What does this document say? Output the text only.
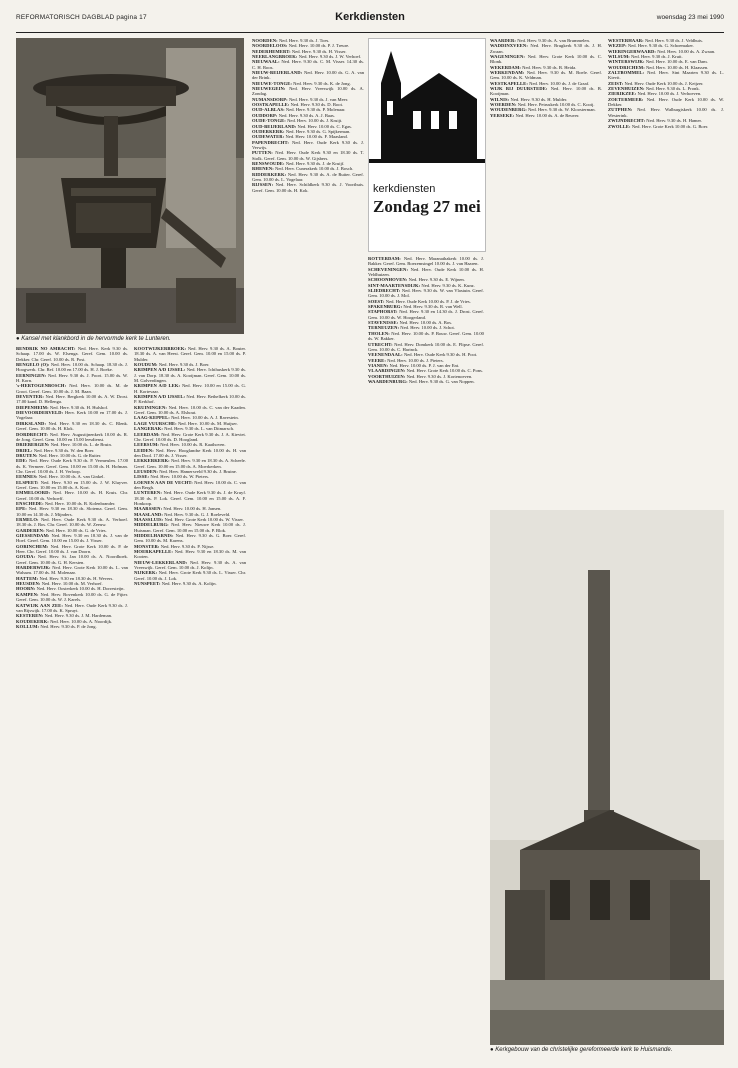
REFORMATORISCH DAGBLAD pagina 17	Kerkdiensten	woensdag 23 mei 1990
● Kansel met klankbord in de hervormde kerk te Lunteren.
kerkdiensten
Zondag 27 mei

BENDRIK NO AMBACHT: Ned. Herv. Kerk 9.30 ds. Schaap. 17.00 ds. W. Elsenga. Geref. Gem. 10.00 ds. Dekker. Chr. Geref. 10.00 ds. R. Post.

BENGELO (O): Ned. Herv. 10.00 ds. Schaap. 18.30 ds. J. Hoogwerk. Chr. Ref. 10.00 en 17.00 ds. H. J. Boeke.

EERNINGEN: Ned. Herv. 9.30 ds. J. Poort. 15.00 ds. W. H. Korn.

's-HERTOGENBOSCH: Ned. Herv. 10.00 ds. M. de Groot. Geref. Gem. 10.00 ds. J. M. Baan.

DEVENTER: Ned. Herv. Bergkerk 10.00 ds. A. W. Drost. 17.00 kand. D. Hellenga.

DIEPENHEIM: Ned. Herv. 9.30 ds. H. Hulshof.

DIEVOORDERVELD: Herv. Kerk 10.00 en 17.00 ds. J. Vogelaar.

DIRKSLAND: Ned. Herv. 9.30 en 18.30 ds. C. Blenk. Geref. Gem. 10.00 ds. H. Klok.

DORDRECHT: Ned. Herv. Augustijnenkerk 10.00 ds. R. de Jong. Geref. Gem. 10.00 en 15.00 leesdienst.

DRIEBERGEN: Ned. Herv. 10.00 ds. L. de Bruin.

DRIEL: Ned. Herv. 9.30 ds. W. den Boer.

DRUTEN: Ned. Herv. 10.00 ds. G. de Ruiter.

EDE: Ned. Herv. Oude Kerk 9.30 ds. P. Vermeulen. 17.00 ds. K. Vermeer. Geref. Gem. 10.00 en 15.00 ds. H. Hofman. Chr. Geref. 10.00 ds. J. H. Verloop.

EEMNES: Ned. Herv. 10.00 ds. A. van Ginkel.

ELSPEET: Ned. Herv. 9.30 en 15.00 ds. J. W. Kluyver. Geref. Gem. 10.00 en 15.00 ds. A. Kort.

EMMELOORD: Ned. Herv. 10.00 ds. H. Kruis. Chr. Geref. 10.00 ds. Verhoeff.

ENSCHEDE: Ned. Herv. 10.00 ds. B. Kolenbrander.

EPE: Ned. Herv. 9.30 en 18.30 ds. Slotema. Geref. Gem. 10.00 en 14.30 ds. J. Mijnders.

ERMELO: Ned. Herv. Oude Kerk 9.30 ds. A. Verhoef. 18.30 ds. J. Bos. Chr. Geref. 10.00 ds. W. Zeeuw.

GARDEREN: Ned. Herv. 10.00 ds. G. de Vries.

GIESSENDAM: Ned. Herv. 9.30 en 18.30 ds. J. van de Hoef. Geref. Gem. 10.00 en 15.00 ds. J. Visser.

GORINCHEM: Ned. Herv. Grote Kerk 10.00 ds. P. de Heer. Chr. Geref. 10.00 ds. J. van Doorn.

GOUDA: Ned. Herv. St. Jan 10.00 ds. A. Noordhoek. Geref. Gem. 10.00 ds. G. H. Kersten.

HARDERWIJK: Ned. Herv. Grote Kerk 10.00 ds. L. van Walsum. 17.00 ds. M. Molenaar.

HATTEM: Ned. Herv. 9.30 en 18.30 ds. H. Wevers.

HEUSDEN: Ned. Herv. 10.00 ds. M. Verhoef.

HOORN: Ned. Herv. Oosterkerk 10.00 ds. H. Dorresteijn.

KAMPEN: Ned. Herv. Bovenkerk 10.00 ds. G. de Fijter. Geref. Gem. 10.00 ds. W. J. Karels.

KATWIJK AAN ZEE: Ned. Herv. Oude Kerk 9.30 ds. J. van Rijswijk. 17.00 ds. K. Spruyt.

KESTEREN: Ned. Herv. 9.30 ds. J. M. Hardeman.

KOUDEKERK: Ned. Herv. 10.00 ds. A. Noordijk.

KOLLUM: Ned. Herv. 9.30 ds. P. de Jong.

KOOTWIJKERBROEK: Ned. Herv. 9.30 ds. A. Bouter. 18.30 ds. A. van Heest. Geref. Gem. 10.00 en 15.00 ds. P. Mulder.

KOUDUM: Ned. Herv. 9.30 ds. J. Boer.

KRIMPEN A/D IJSSEL: Ned. Herv. Ichthuskerk 9.30 ds. J. van Dorp. 18.30 ds. A. Kooijman. Geref. Gem. 10.00 ds. M. Golverdingen.

KRIMPEN A/D LEK: Ned. Herv. 10.00 en 15.00 ds. G. H. Kortevaar.

KRIMPEN A/D IJSSEL: Ned. Herv. Bethelkerk 10.00 ds. P. Kerkhof.

KRUININGEN: Ned. Herv. 10.00 ds. C. van der Kaaden. Geref. Gem. 10.00 ds. A. Elshout.

LAAG-KEPPEL: Ned. Herv. 10.00 ds. A. J. Ravestein.

LAGE VUURSCHE: Ned. Herv. 10.00 ds. M. Huijser.

LANGERAK: Ned. Herv. 9.30 ds. L. van Ditmarsch.

LEERDAM: Ned. Herv. Grote Kerk 9.30 ds. J. A. Kieviet. Chr. Geref. 10.00 ds. D. Hoogland.

LEERSUM: Ned. Herv. 10.00 ds. R. Kaathoven.

LEIDEN: Ned. Herv. Hooglandse Kerk 10.00 ds. H. van den Dool. 17.00 ds. J. Visser.

LEKKERKERK: Ned. Herv. 9.30 en 18.30 ds. A. Scheele. Geref. Gem. 10.00 en 15.00 ds. A. Moerkerken.

LEUSDEN: Ned. Herv. Hamersveld 9.30 ds. J. Bruine.

LISSE: Ned. Herv. 10.00 ds. W. Pieters.

LOENEN AAN DE VECHT: Ned. Herv. 10.00 ds. C. van den Bergh.

LUNTEREN: Ned. Herv. Oude Kerk 9.30 ds. J. de Kruyf. 18.30 ds. P. Lok. Geref. Gem. 10.00 en 15.00 ds. A. F. Honkoop.

MAARSSEN: Ned. Herv. 10.00 ds. H. Jansen.

MAASLAND: Ned. Herv. 9.30 ds. G. J. Roeleveld.

MAASSLUIS: Ned. Herv. Grote Kerk 10.00 ds. W. Visser.

MIDDELBURG: Ned. Herv. Nieuwe Kerk 10.00 ds. J. Huisman. Geref. Gem. 10.00 en 15.00 ds. P. Blok.

MIDDELHARNIS: Ned. Herv. 9.30 ds. G. Boer. Geref. Gem. 10.00 ds. M. Karens.

MONSTER: Ned. Herv. 9.30 ds. P. Nijsse.

MOERKAPELLE: Ned. Herv. 9.30 en 18.30 ds. M. van Kooten.

NIEUW-LEKKERLAND: Ned. Herv. 9.30 ds. A. van Vreeswijk. Geref. Gem. 10.00 ds. J. Kolijn.

NIJKERK: Ned. Herv. Grote Kerk 9.30 ds. L. Visser. Chr. Geref. 10.00 ds. J. Lok.

NUNSPEET: Ned. Herv. 9.30 ds. A. Kolijn.

NOORDEN: Ned. Herv. 9.30 ds. J. Toes.

NOORDELOOS: Ned. Herv. 10.00 ds. P. J. Treure.

NEDERHEMERT: Ned. Herv. 9.30 ds. H. Visser.

NEERLANGBROEK: Ned. Herv. 9.30 ds. J. W. Verhoef.

NIEUWAAL: Ned. Herv. 9.30 ds. C. M. Visser. 14.30 ds. C. H. Roos.

NIEUW-BEIJERLAND: Ned. Herv. 10.00 ds. G. A. van der Brink.

NIEUWE-TONGE: Ned. Herv. 9.30 ds. K. de Jong.

NIEUWEGEIN: Ned. Herv. Vreeswijk 10.00 ds. A. Zondag.

NUMANSDORP: Ned. Herv. 9.30 ds. J. van Meer.

OOSTKAPELLE: Ned. Herv. 9.30 ds. D. Boot.

OUD-ALBLAS: Ned. Herv. 9.30 ds. P. Molenaar.

OUDDORP: Ned. Herv. 9.30 ds. A. J. Baas.

OUDE-TONGE: Ned. Herv. 10.00 ds. J. Kruijt.

OUD-BEIJERLAND: Ned. Herv. 10.00 ds. C. Egas.

OUDERKERK: Ned. Herv. 9.30 ds. G. Spijkerman.

OUDEWATER: Ned. Herv. 10.00 ds. F. Maasland.

PAPENDRECHT: Ned. Herv. Oude Kerk 9.30 ds. J. Verwijs.

PUTTEN: Ned. Herv. Oude Kerk 9.30 en 18.30 ds. T. Stolk. Geref. Gem. 10.00 ds. W. Gijsbers.

RENSWOUDE: Ned. Herv. 9.30 ds. J. de Kruijf.

RHENEN: Ned. Herv. Cunerakerk 10.00 ds. J. Bosch.

RIDDERKERK: Ned. Herv. 9.30 ds. A. de Ruiter. Geref. Gem. 10.00 ds. L. Vogelaar.

RIJSSEN: Ned. Herv. Schildkerk 9.30 ds. J. Voorthuis. Geref. Gem. 10.00 ds. H. Kok.

ROTTERDAM: Ned. Herv. Maranathakerk 10.00 ds. J. Bakker. Geref. Gem. Boezemsingel 10.00 ds. J. van Haaren.

SCHEVENINGEN: Ned. Herv. Oude Kerk 10.00 ds. H. Veldhuizen.

SCHOONHOVEN: Ned. Herv. 9.30 ds. E. Wijnen.

SINT-MAARTENSDIJK: Ned. Herv. 9.30 ds. K. Kunz.

SLIEDRECHT: Ned. Herv. 9.30 ds. W. van Vlastuin. Geref. Gem. 10.00 ds. J. Mol.

SOEST: Ned. Herv. Oude Kerk 10.00 ds. P. J. de Vries.

SPAKENBURG: Ned. Herv. 9.30 ds. R. van Well.

STAPHORST: Ned. Herv. 9.30 en 14.30 ds. J. Drost. Geref. Gem. 10.00 ds. W. Hoogerland.

STAVENISSE: Ned. Herv. 10.00 ds. A. Bos.

TERNEUZEN: Ned. Herv. 10.00 ds. J. Schot.

THOLEN: Ned. Herv. 10.00 ds. P. Bouw. Geref. Gem. 10.00 ds. W. Bakker.

UTRECHT: Ned. Herv. Domkerk 10.00 ds. E. Flipse. Geref. Gem. 10.00 ds. C. Harinck.

VEENENDAAL: Ned. Herv. Oude Kerk 9.30 ds. H. Poot.

VEERE: Ned. Herv. 10.00 ds. J. Pieters.

VIANEN: Ned. Herv. 10.00 ds. P. J. van der Ent.

VLAARDINGEN: Ned. Herv. Grote Kerk 10.00 ds. C. Pons.

VOORTHUIZEN: Ned. Herv. 9.30 ds. J. Kortenoeven.

WAARDENBURG: Ned. Herv. 9.30 ds. G. van Noppen.

WAARDER: Ned. Herv. 9.30 ds. A. van Brummelen.

WADDINXVEEN: Ned. Herv. Brugkerk 9.30 ds. J. H. Zwaan.

WAGENINGEN: Ned. Herv. Grote Kerk 10.00 ds. C. Blonk.

WEKERDAM: Ned. Herv. 9.30 ds. B. Heida.

WERKENDAM: Ned. Herv. 9.30 ds. M. Boele. Geref. Gem. 10.00 ds. K. Veldman.

WESTKAPELLE: Ned. Herv. 10.00 ds. J. de Graaf.

WIJK BIJ DUURSTEDE: Ned. Herv. 10.00 ds. B. Kooijman.

WILNIS: Ned. Herv. 9.30 ds. H. Mulder.

WOERDEN: Ned. Herv. Petruskerk 10.00 ds. C. Kooij.

WOUDENBERG: Ned. Herv. 9.30 ds. W. Kloosterman.

YERSEKE: Ned. Herv. 10.00 ds. A. de Reuver.

WESTERHAAR: Ned. Herv. 9.30 ds. J. Veldhuis.

WEZEP: Ned. Herv. 9.30 ds. G. Schoemaker.

WIERINGERWAARD: Ned. Herv. 10.00 ds. A. Zwaan.

WILSUM: Ned. Herv. 9.30 ds. J. Kruit.

WINTERSWIJK: Ned. Herv. 10.00 ds. E. van Dam.

WOUDRICHEM: Ned. Herv. 10.00 ds. H. Klaassen.

ZALTBOMMEL: Ned. Herv. Sint Maarten 9.30 ds. L. Kievit.

ZEIST: Ned. Herv. Oude Kerk 10.00 ds. J. Keijzer.

ZEVENHUIZEN: Ned. Herv. 9.30 ds. L. Pronk.

ZIERIKZEE: Ned. Herv. 10.00 ds. J. Verhoeven.

ZOETERMEER: Ned. Herv. Oude Kerk 10.00 ds. W. Dekker.

ZUTPHEN: Ned. Herv. Walburgiskerk 10.00 ds. J. Westerink.

ZWIJNDRECHT: Ned. Herv. 9.30 ds. H. Hamer.

ZWOLLE: Ned. Herv. Grote Kerk 10.00 ds. G. Boer.

● Kerkgebouw van de christelijke gereformeerde kerk te Huismande.
